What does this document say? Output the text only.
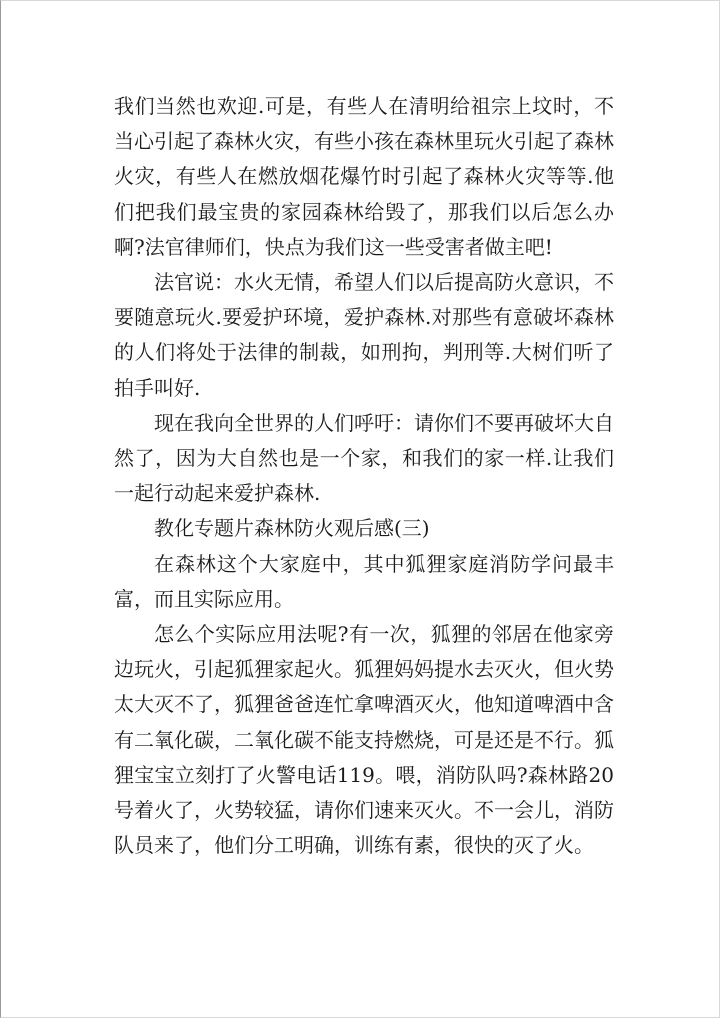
我们当然也欢迎.可是，有些人在清明给祖宗上坟时，不当心引起了森林火灾，有些小孩在森林里玩火引起了森林火灾，有些人在燃放烟花爆竹时引起了森林火灾等等.他们把我们最宝贵的家园森林给毁了，那我们以后怎么办啊?法官律师们，快点为我们这一些受害者做主吧!

法官说：水火无情，希望人们以后提高防火意识，不要随意玩火.要爱护环境，爱护森林.对那些有意破坏森林的人们将处于法律的制裁，如刑拘，判刑等.大树们听了拍手叫好.

现在我向全世界的人们呼吁：请你们不要再破坏大自然了，因为大自然也是一个家，和我们的家一样.让我们一起行动起来爱护森林.

教化专题片森林防火观后感(三)

在森林这个大家庭中，其中狐狸家庭消防学问最丰富，而且实际应用。

怎么个实际应用法呢?有一次，狐狸的邻居在他家旁边玩火，引起狐狸家起火。狐狸妈妈提水去灭火，但火势太大灭不了，狐狸爸爸连忙拿啤酒灭火，他知道啤酒中含有二氧化碳，二氧化碳不能支持燃烧，可是还是不行。狐狸宝宝立刻打了火警电话119。喂，消防队吗?森林路20号着火了，火势较猛，请你们速来灭火。不一会儿，消防队员来了，他们分工明确，训练有素，很快的灭了火。
